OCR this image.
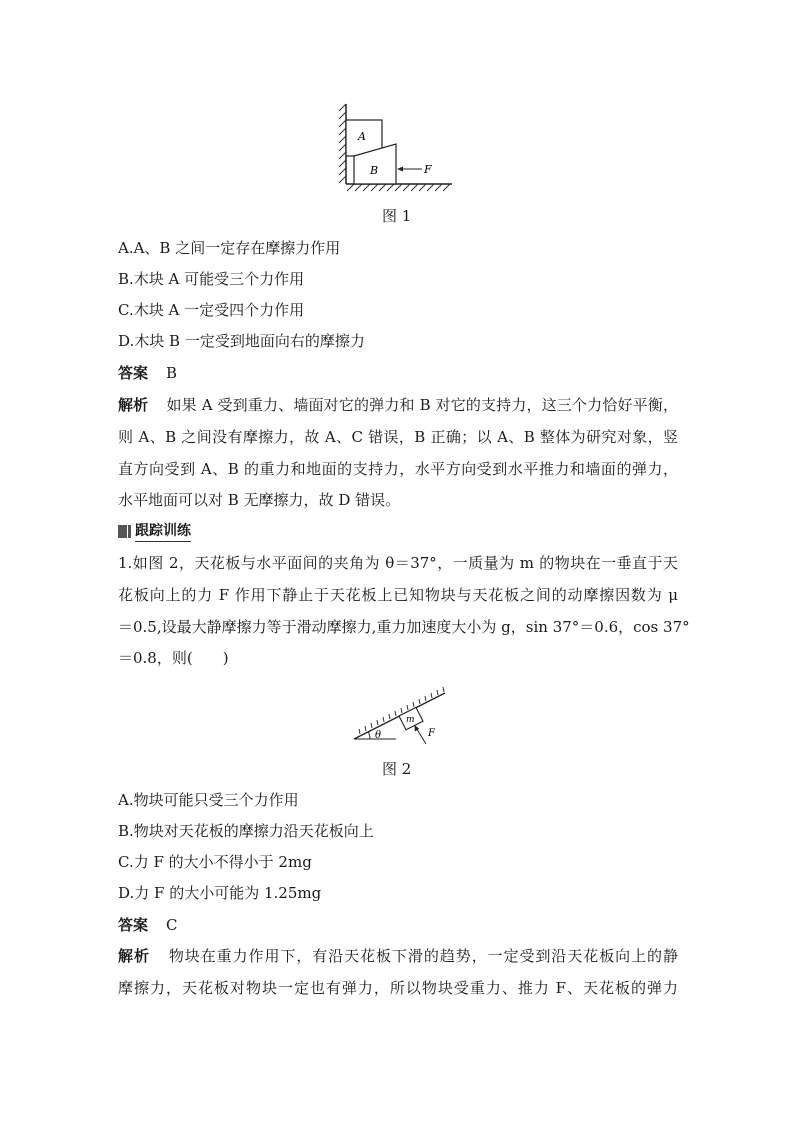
A
B	F
图 1
A.A、B 之间一定存在摩擦力作用
B.木块 A 可能受三个力作用
C.木块 A 一定受四个力作用
D.木块 B 一定受到地面向右的摩擦力
答案 B
解析 如果 A 受到重力、墙面对它的弹力和 B 对它的支持力，这三个力恰好平衡，
则 A、B 之间没有摩擦力，故 A、C 错误，B 正确；以 A、B 整体为研究对象，竖
直方向受到 A、B 的重力和地面的支持力，水平方向受到水平推力和墙面的弹力，
水平地面可以对 B 无摩擦力，故 D 错误。
跟踪训练
1.如图 2，天花板与水平面间的夹角为 θ＝37°，一质量为 m 的物块在一垂直于天
花板向上的力 F 作用下静止于天花板上已知物块与天花板之间的动摩擦因数为 μ
＝0.5,设最大静摩擦力等于滑动摩擦力,重力加速度大小为 g，sin 37°＝0.6，cos 37°
＝0.8，则(　　)
θ
m
F
图 2
A.物块可能只受三个力作用
B.物块对天花板的摩擦力沿天花板向上
C.力 F 的大小不得小于 2mg
D.力 F 的大小可能为 1.25mg
答案 C
解析 物块在重力作用下，有沿天花板下滑的趋势，一定受到沿天花板向上的静
摩擦力，天花板对物块一定也有弹力，所以物块受重力、推力 F、天花板的弹力
